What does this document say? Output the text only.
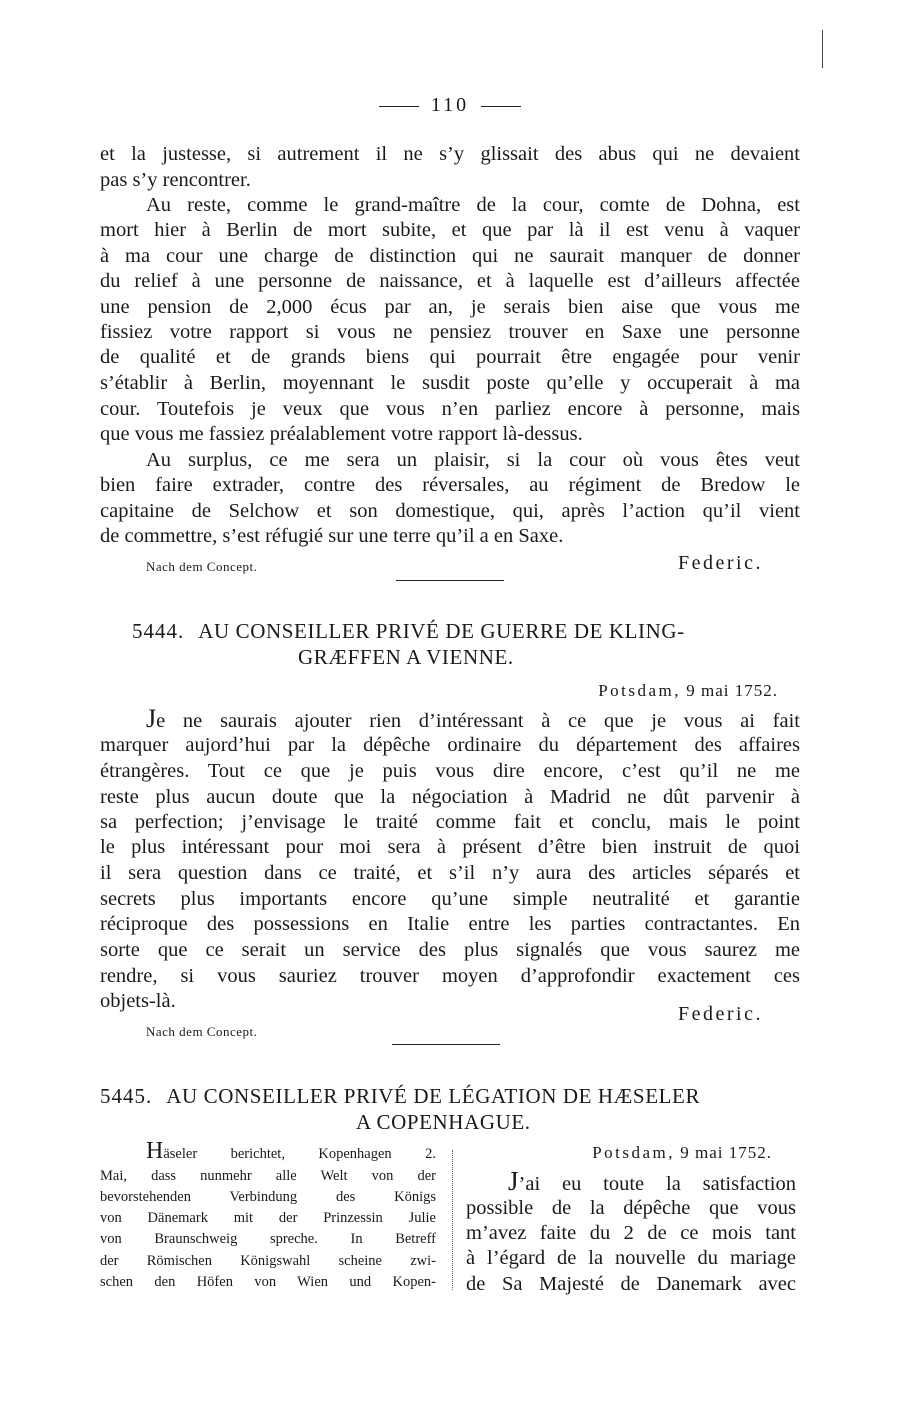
110
et la justesse, si autrement il ne s’y glissait des abus qui ne devaient
pas s’y rencontrer.
Au reste, comme le grand-maître de la cour, comte de Dohna, est
mort hier à Berlin de mort subite, et que par là il est venu à vaquer
à ma cour une charge de distinction qui ne saurait manquer de donner
du relief à une personne de naissance, et à laquelle est d’ailleurs affectée
une pension de 2,000 écus par an, je serais bien aise que vous me
fissiez votre rapport si vous ne pensiez trouver en Saxe une personne
de qualité et de grands biens qui pourrait être engagée pour venir
s’établir à Berlin, moyennant le susdit poste qu’elle y occuperait à ma
cour. Toutefois je veux que vous n’en parliez encore à personne, mais
que vous me fassiez préalablement votre rapport là-dessus.
Au surplus, ce me sera un plaisir, si la cour où vous êtes veut
bien faire extrader, contre des réversales, au régiment de Bredow le
capitaine de Selchow et son domestique, qui, après l’action qu’il vient
de commettre, s’est réfugié sur une terre qu’il a en Saxe.
Nach dem Concept.	Federic.
5444. AU CONSEILLER PRIVÉ DE GUERRE DE KLING-
GRÆFFEN A VIENNE.
Potsdam, 9 mai 1752.
Je ne saurais ajouter rien d’intéressant à ce que je vous ai fait
marquer aujord’hui par la dépêche ordinaire du département des affaires
étrangères. Tout ce que je puis vous dire encore, c’est qu’il ne me
reste plus aucun doute que la négociation à Madrid ne dût parvenir à
sa perfection; j’envisage le traité comme fait et conclu, mais le point
le plus intéressant pour moi sera à présent d’être bien instruit de quoi
il sera question dans ce traité, et s’il n’y aura des articles séparés et
secrets plus importants encore qu’une simple neutralité et garantie
réciproque des possessions en Italie entre les parties contractantes. En
sorte que ce serait un service des plus signalés que vous saurez me
rendre, si vous sauriez trouver moyen d’approfondir exactement ces
objets-là.
Nach dem Concept.
Federic.
5445. AU CONSEILLER PRIVÉ DE LÉGATION DE HÆSELER
A COPENHAGUE.
Häseler berichtet, Kopenhagen 2.
Mai, dass nunmehr alle Welt von der
bevorstehenden Verbindung des Königs
von Dänemark mit der Prinzessin Julie
von Braunschweig spreche. In Betreff
der Römischen Königswahl scheine zwi-
schen den Höfen von Wien und Kopen-
Potsdam, 9 mai 1752.
J’ai eu toute la satisfaction
possible de la dépêche que vous
m’avez faite du 2 de ce mois tant
à l’égard de la nouvelle du mariage
de Sa Majesté de Danemark avec
